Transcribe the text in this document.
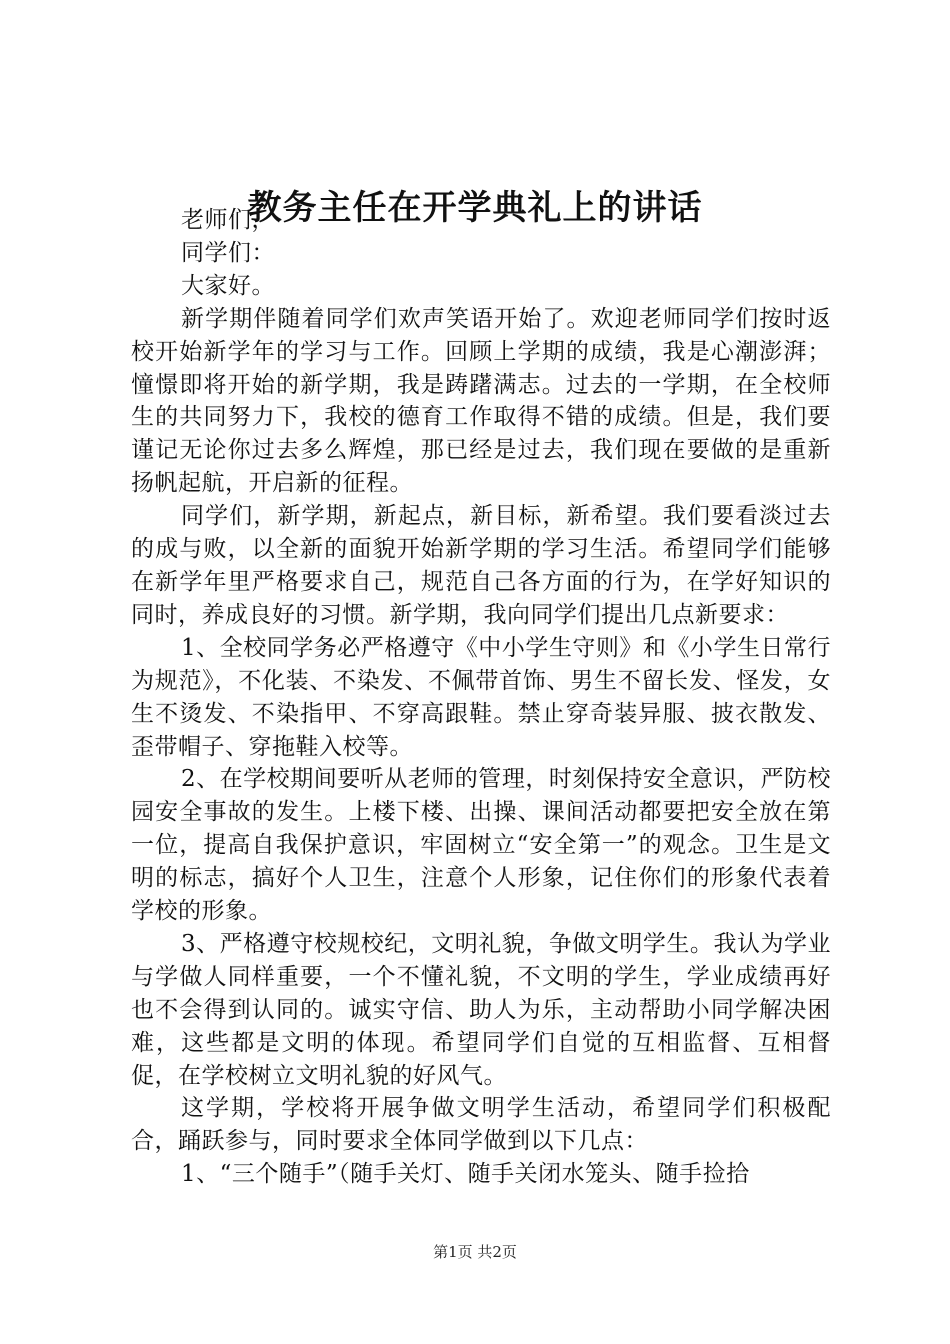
教务主任在开学典礼上的讲话

老师们，

同学们：

大家好。

新学期伴随着同学们欢声笑语开始了。欢迎老师同学们按时返校开始新学年的学习与工作。回顾上学期的成绩，我是心潮澎湃；憧憬即将开始的新学期，我是踌躇满志。过去的一学期，在全校师生的共同努力下，我校的德育工作取得不错的成绩。但是，我们要谨记无论你过去多么辉煌，那已经是过去，我们现在要做的是重新扬帆起航，开启新的征程。

同学们，新学期，新起点，新目标，新希望。我们要看淡过去的成与败，以全新的面貌开始新学期的学习生活。希望同学们能够在新学年里严格要求自己，规范自己各方面的行为，在学好知识的同时，养成良好的习惯。新学期，我向同学们提出几点新要求：

1、全校同学务必严格遵守《中小学生守则》和《小学生日常行为规范》，不化装、不染发、不佩带首饰、男生不留长发、怪发，女生不烫发、不染指甲、不穿高跟鞋。禁止穿奇装异服、披衣散发、歪带帽子、穿拖鞋入校等。

2、在学校期间要听从老师的管理，时刻保持安全意识，严防校园安全事故的发生。上楼下楼、出操、课间活动都要把安全放在第一位，提高自我保护意识，牢固树立“安全第一”的观念。卫生是文明的标志，搞好个人卫生，注意个人形象，记住你们的形象代表着学校的形象。

3、严格遵守校规校纪，文明礼貌，争做文明学生。我认为学业与学做人同样重要，一个不懂礼貌，不文明的学生，学业成绩再好也不会得到认同的。诚实守信、助人为乐，主动帮助小同学解决困难，这些都是文明的体现。希望同学们自觉的互相监督、互相督促，在学校树立文明礼貌的好风气。

这学期，学校将开展争做文明学生活动，希望同学们积极配合，踊跃参与，同时要求全体同学做到以下几点：

1、“三个随手”（随手关灯、随手关闭水笼头、随手捡拾

第1页 共2页
